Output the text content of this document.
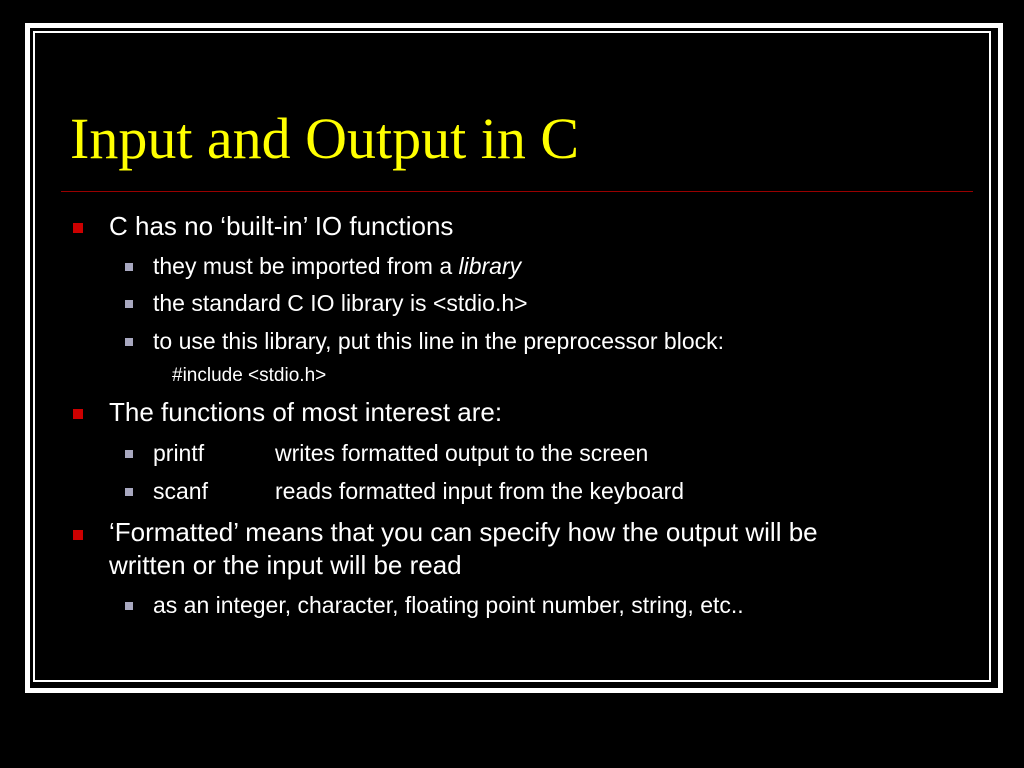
Input and Output in C
C has no ‘built-in’ IO functions
they must be imported from a library
the standard C IO library is <stdio.h>
to use this library, put this line in the preprocessor block:
#include <stdio.h>
The functions of most interest are:
printf	writes formatted output to the screen
scanf	reads formatted input from the keyboard
‘Formatted’ means that you can specify how the output will be
written or the input will be read
as an integer, character, floating point number, string, etc..
